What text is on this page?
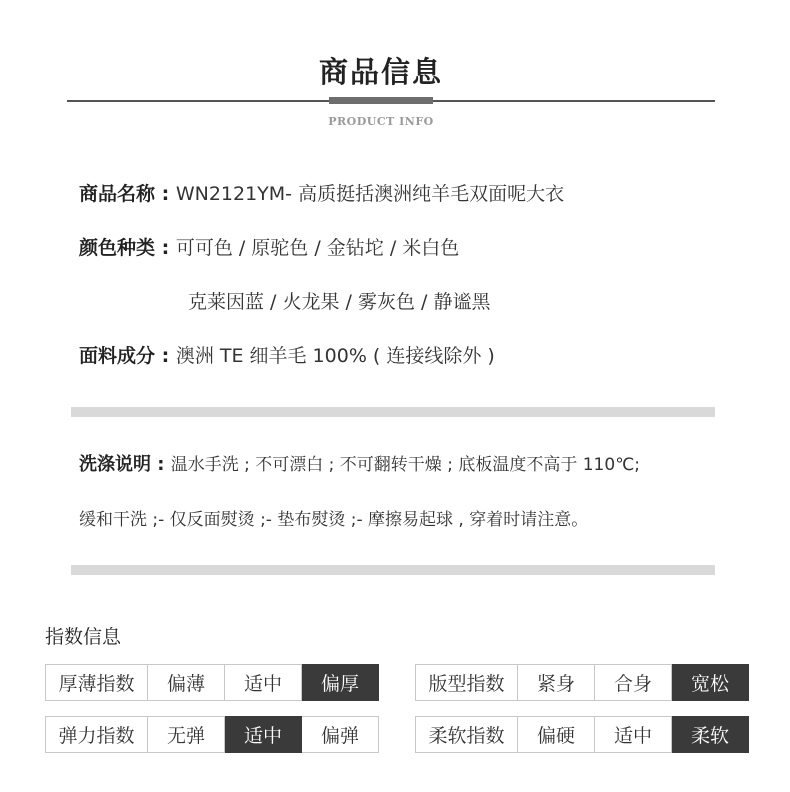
商品信息
PRODUCT INFO
商品名称 : WN2121YM- 高质挺括澳洲纯羊毛双面呢大衣
颜色种类 : 可可色 / 原驼色 / 金钻坨 / 米白色
克莱因蓝 / 火龙果 / 雾灰色 / 静谧黑
面料成分 : 澳洲 TE 细羊毛 100% ( 连接线除外 )
洗涤说明 : 温水手洗 ; 不可漂白 ; 不可翻转干燥 ; 底板温度不高于 110℃;
缓和干洗 ;- 仅反面熨烫 ;- 垫布熨烫 ;- 摩擦易起球 , 穿着时请注意。
指数信息
厚薄指数	偏薄	适中	偏厚
弹力指数	无弹	适中	偏弹
版型指数	紧身	合身	宽松
柔软指数	偏硬	适中	柔软
